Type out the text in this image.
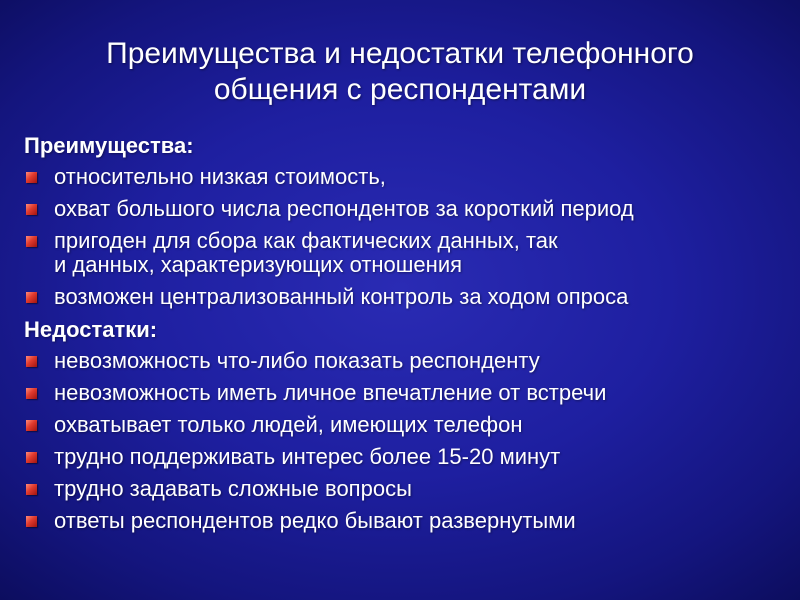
Преимущества и недостатки телефонного
общения с респондентами
Преимущества:
относительно низкая стоимость,
охват большого числа респондентов за короткий период
пригоден для сбора как фактических данных, так
и данных, характеризующих отношения
возможен централизованный контроль за ходом опроса
Недостатки:
невозможность что-либо показать респонденту
невозможность иметь личное впечатление от встречи
охватывает только людей, имеющих телефон
трудно поддерживать интерес более 15-20 минут
трудно задавать сложные вопросы
ответы респондентов редко бывают развернутыми
